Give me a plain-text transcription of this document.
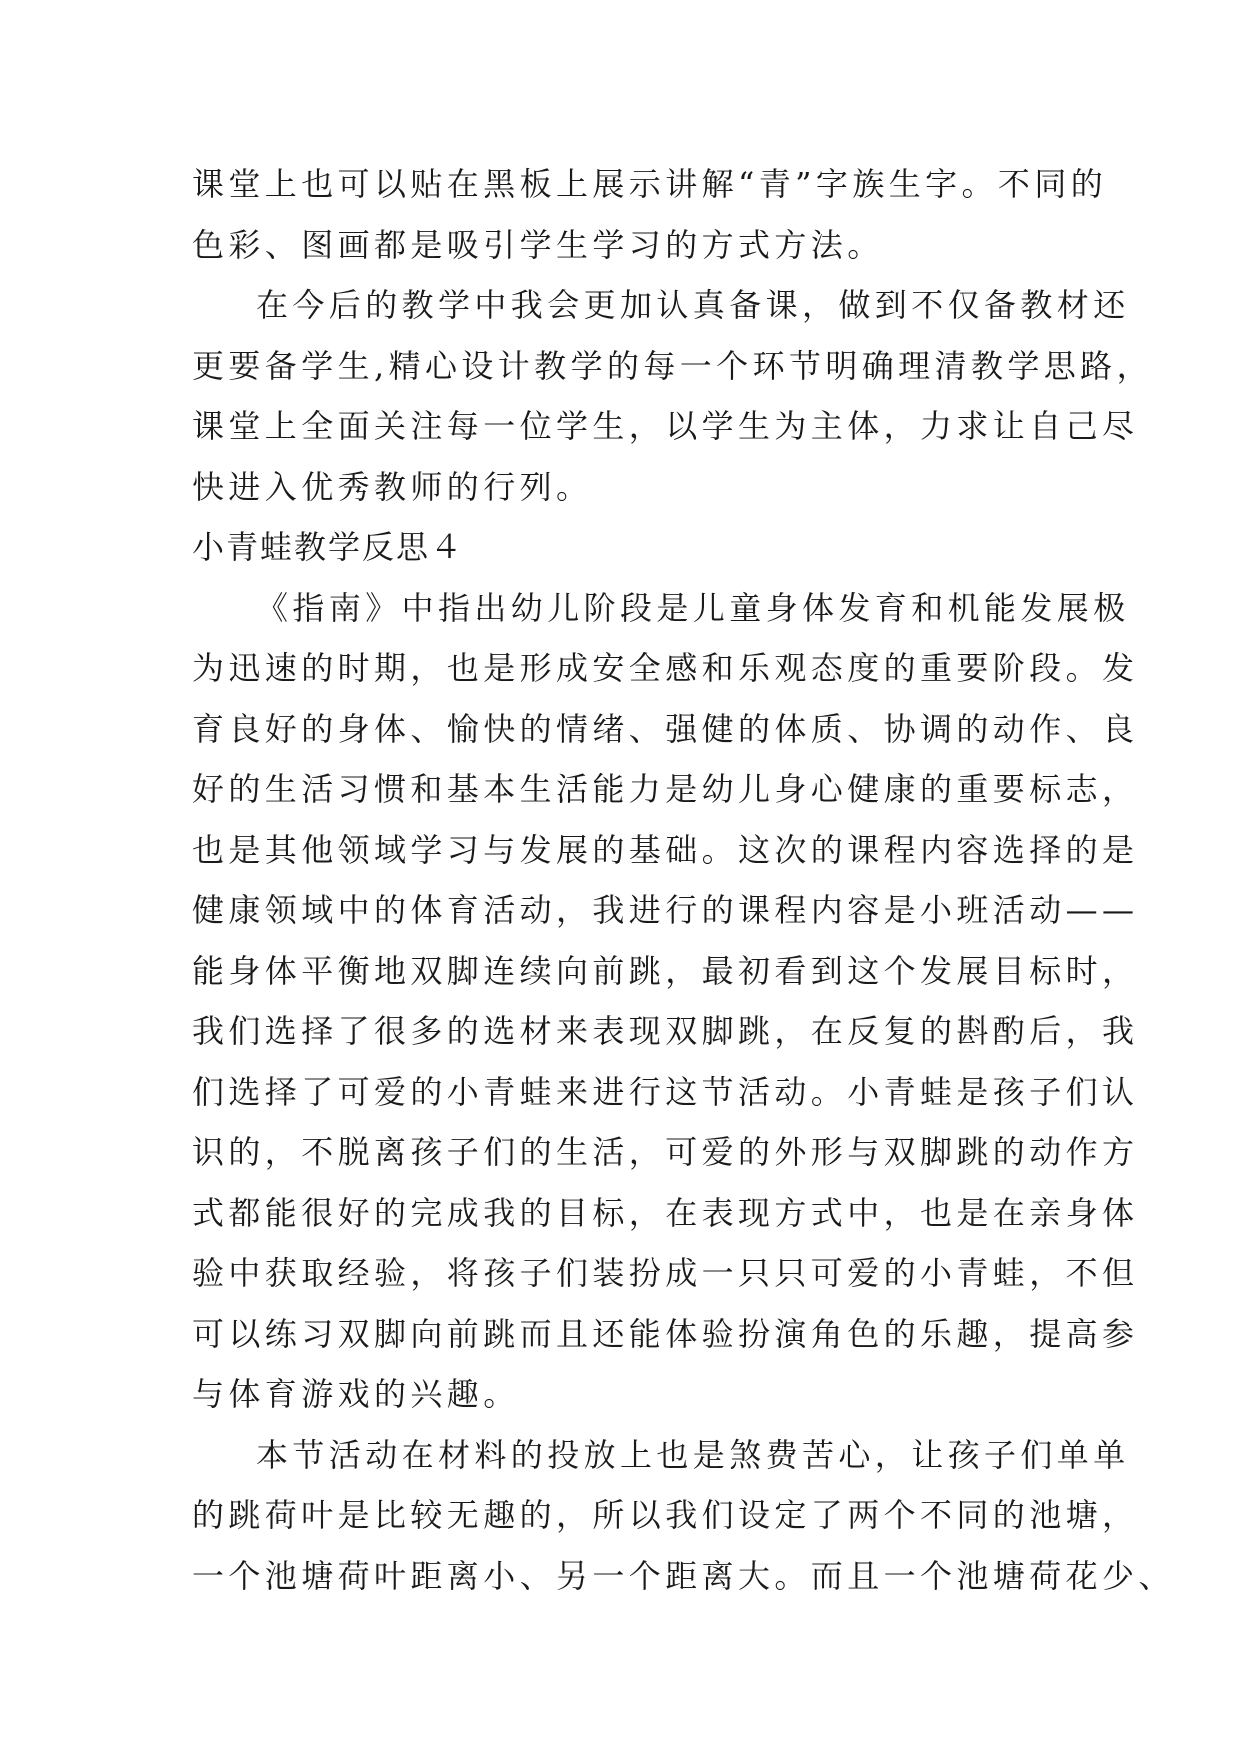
课堂上也可以贴在黑板上展示讲解“青”字族生字。不同的
色彩、图画都是吸引学生学习的方式方法。
在今后的教学中我会更加认真备课，做到不仅备教材还
更要备学生,精心设计教学的每一个环节明确理清教学思路，
课堂上全面关注每一位学生，以学生为主体，力求让自己尽
快进入优秀教师的行列。
小青蛙教学反思４
《指南》中指出幼儿阶段是儿童身体发育和机能发展极
为迅速的时期，也是形成安全感和乐观态度的重要阶段。发
育良好的身体、愉快的情绪、强健的体质、协调的动作、良
好的生活习惯和基本生活能力是幼儿身心健康的重要标志，
也是其他领域学习与发展的基础。这次的课程内容选择的是
健康领域中的体育活动，我进行的课程内容是小班活动——
能身体平衡地双脚连续向前跳，最初看到这个发展目标时，
我们选择了很多的选材来表现双脚跳，在反复的斟酌后，我
们选择了可爱的小青蛙来进行这节活动。小青蛙是孩子们认
识的，不脱离孩子们的生活，可爱的外形与双脚跳的动作方
式都能很好的完成我的目标，在表现方式中，也是在亲身体
验中获取经验，将孩子们装扮成一只只可爱的小青蛙，不但
可以练习双脚向前跳而且还能体验扮演角色的乐趣，提高参
与体育游戏的兴趣。
本节活动在材料的投放上也是煞费苦心，让孩子们单单
的跳荷叶是比较无趣的，所以我们设定了两个不同的池塘，
一个池塘荷叶距离小、另一个距离大。而且一个池塘荷花少、
